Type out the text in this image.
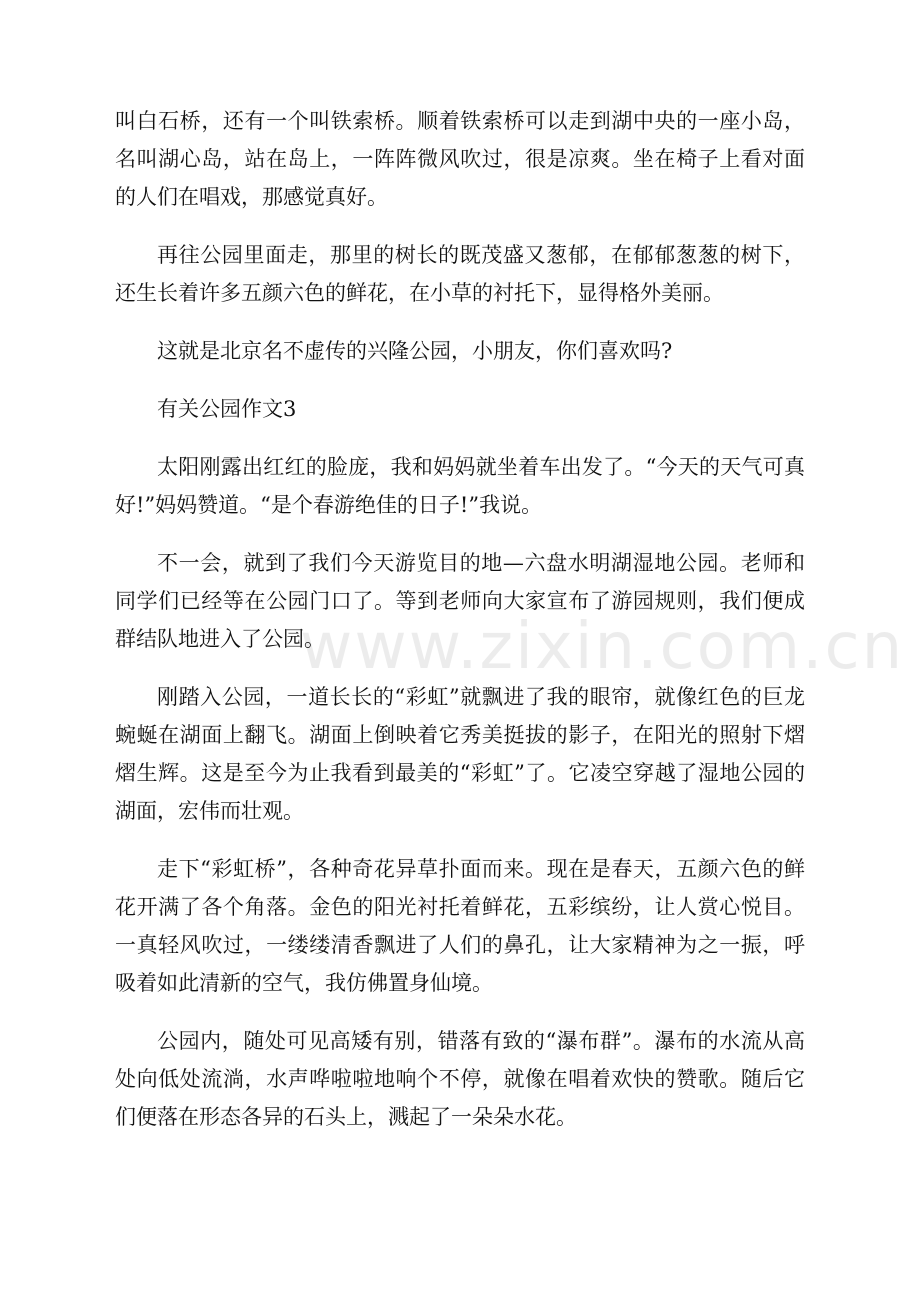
叫白石桥，还有一个叫铁索桥。顺着铁索桥可以走到湖中央的一座小岛，名叫湖心岛，站在岛上，一阵阵微风吹过，很是凉爽。坐在椅子上看对面的人们在唱戏，那感觉真好。

再往公园里面走，那里的树长的既茂盛又葱郁，在郁郁葱葱的树下，还生长着许多五颜六色的鲜花，在小草的衬托下，显得格外美丽。

这就是北京名不虚传的兴隆公园，小朋友，你们喜欢吗?

有关公园作文3

太阳刚露出红红的脸庞，我和妈妈就坐着车出发了。“今天的天气可真好!”妈妈赞道。“是个春游绝佳的日子!”我说。

不一会，就到了我们今天游览目的地—六盘水明湖湿地公园。老师和同学们已经等在公园门口了。等到老师向大家宣布了游园规则，我们便成群结队地进入了公园。

刚踏入公园，一道长长的“彩虹”就飘进了我的眼帘，就像红色的巨龙蜿蜒在湖面上翻飞。湖面上倒映着它秀美挺拔的影子，在阳光的照射下熠熠生辉。这是至今为止我看到最美的“彩虹”了。它凌空穿越了湿地公园的湖面，宏伟而壮观。

走下“彩虹桥”，各种奇花异草扑面而来。现在是春天，五颜六色的鲜花开满了各个角落。金色的阳光衬托着鲜花，五彩缤纷，让人赏心悦目。一真轻风吹过，一缕缕清香飘进了人们的鼻孔，让大家精神为之一振，呼吸着如此清新的空气，我仿佛置身仙境。

公园内，随处可见高矮有别，错落有致的“瀑布群”。瀑布的水流从高处向低处流淌，水声哗啦啦地响个不停，就像在唱着欢快的赞歌。随后它们便落在形态各异的石头上，溅起了一朵朵水花。

www.zixin.com.cn
